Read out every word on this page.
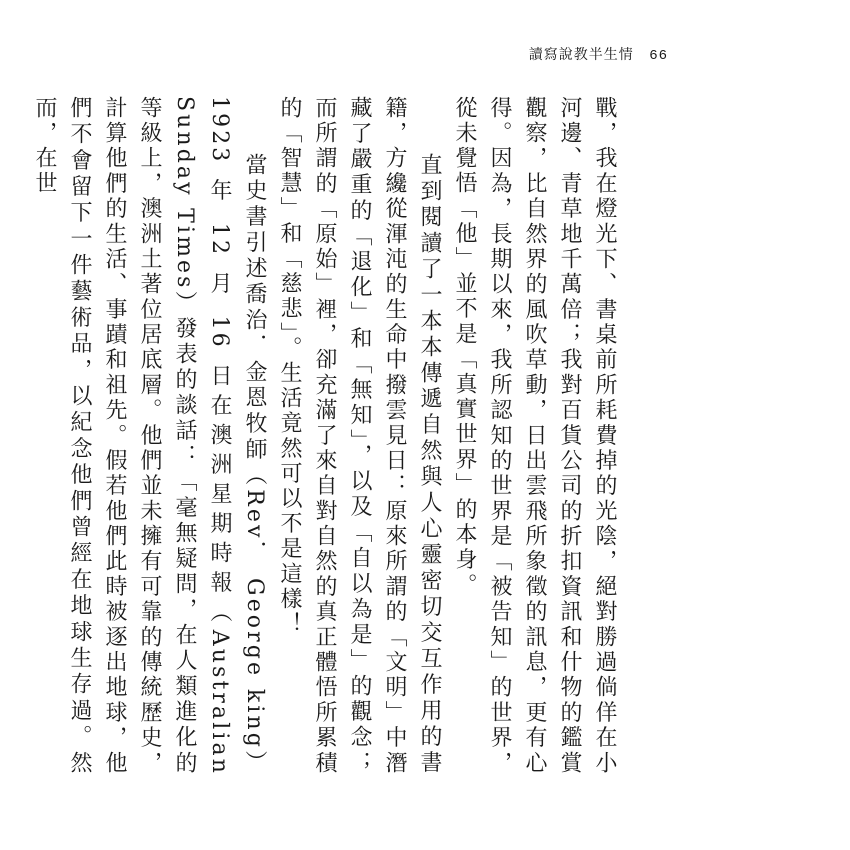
讀寫說教半生情 66

戰，我在燈光下、書桌前所耗費掉的光陰，絕對勝過倘佯在小河邊、青草地千萬倍；我對百貨公司的折扣資訊和什物的鑑賞觀察，比自然界的風吹草動，日出雲飛所象徵的訊息，更有心得。因為，長期以來，我所認知的世界是「被告知」的世界，從未覺悟「他」並不是「真實世界」的本身。

直到閱讀了一本本傳遞自然與人心靈密切交互作用的書籍，方纔從渾沌的生命中撥雲見日：原來所謂的「文明」中潛藏了嚴重的「退化」和「無知」，以及「自以為是」的觀念；而所謂的「原始」裡，卻充滿了來自對自然的真正體悟所累積的「智慧」和「慈悲」。生活竟然可以不是這樣！

當史書引述喬治．金恩牧師（Rev． George king）1923 年 12 月 16 日在澳洲星期時報（Australian Sunday Times）發表的談話：「毫無疑問，在人類進化的等級上，澳洲土著位居底層。他們並未擁有可靠的傳統歷史，計算他們的生活、事蹟和祖先。假若他們此時被逐出地球，他們不會留下一件藝術品，以紀念他們曾經在地球生存過。然而，在世
